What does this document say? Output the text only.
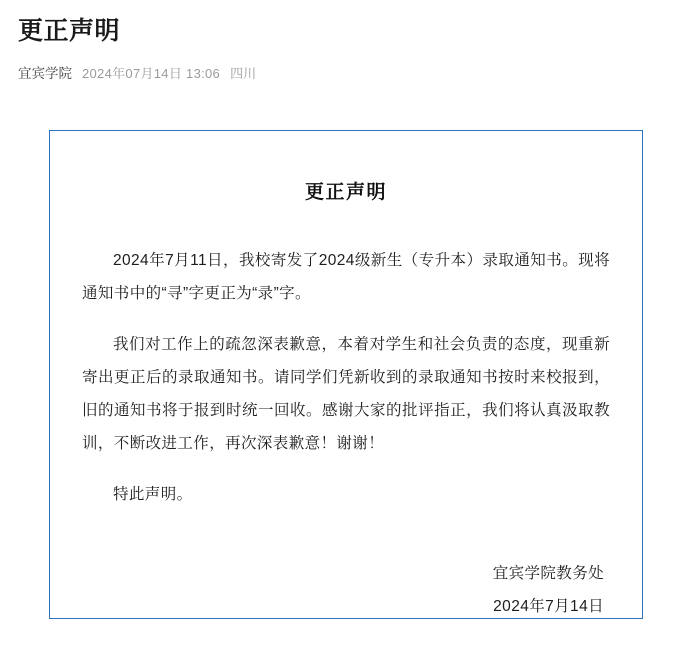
更正声明
宜宾学院 2024年07月14日 13:06 四川
更正声明

2024年7月11日，我校寄发了2024级新生（专升本）录取通知书。现将通知书中的“寻”字更正为“录”字。

我们对工作上的疏忽深表歉意，本着对学生和社会负责的态度，现重新寄出更正后的录取通知书。请同学们凭新收到的录取通知书按时来校报到，旧的通知书将于报到时统一回收。感谢大家的批评指正，我们将认真汲取教训，不断改进工作，再次深表歉意！谢谢！

特此声明。

宜宾学院教务处
2024年7月14日
